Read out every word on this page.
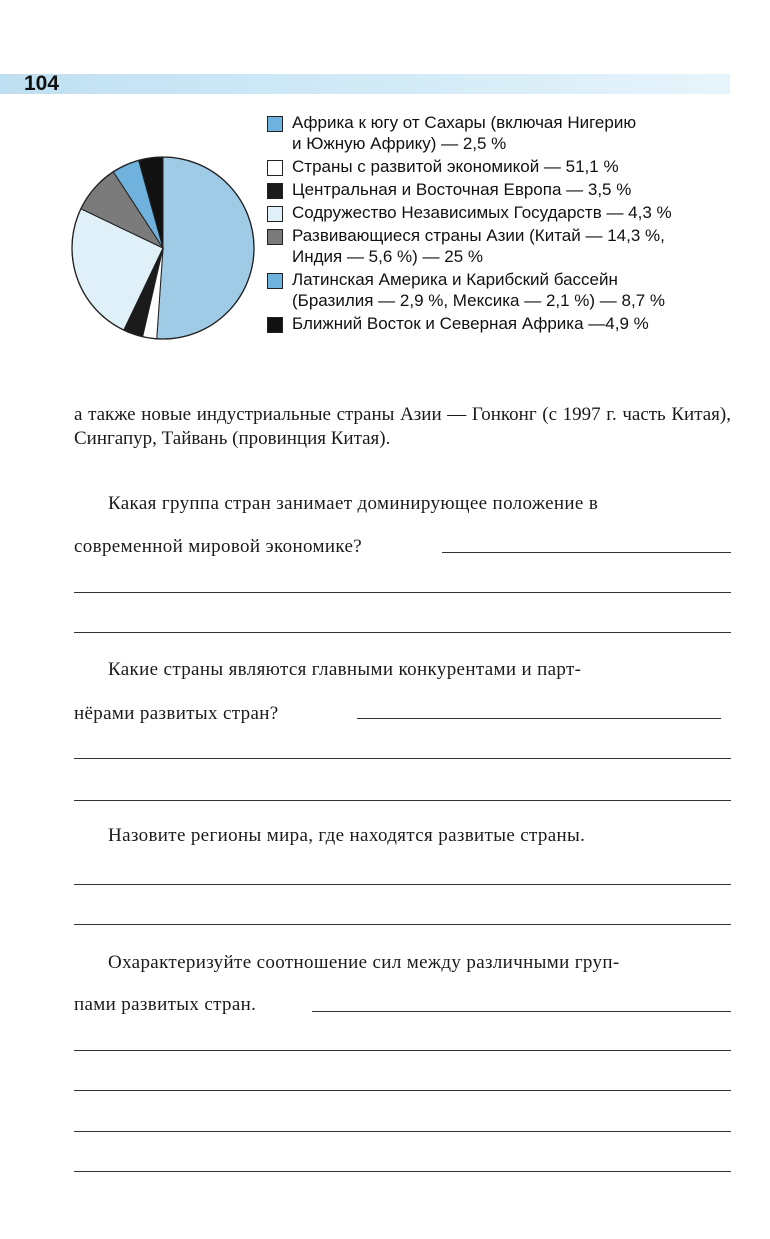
104
Африка к югу от Сахары (включая Нигерию
и Южную Африку) — 2,5 %
Страны с развитой экономикой — 51,1 %
Центральная и Восточная Европа — 3,5 %
Содружество Независимых Государств — 4,3 %
Развивающиеся страны Азии (Китай — 14,3 %,
Индия — 5,6 %) — 25 %
Латинская Америка и Карибский бассейн
(Бразилия — 2,9 %, Мексика — 2,1 %) — 8,7 %
Ближний Восток и Северная Африка —4,9 %
а также новые индустриальные страны Азии — Гонконг (с 1997 г. часть Китая), Сингапур, Тайвань (провинция Китая).
Какая группа стран занимает доминирующее положение в
современной мировой экономике?
Какие страны являются главными конкурентами и парт-
нёрами развитых стран?
Назовите регионы мира, где находятся развитые страны.
Охарактеризуйте соотношение сил между различными груп-
пами развитых стран.
